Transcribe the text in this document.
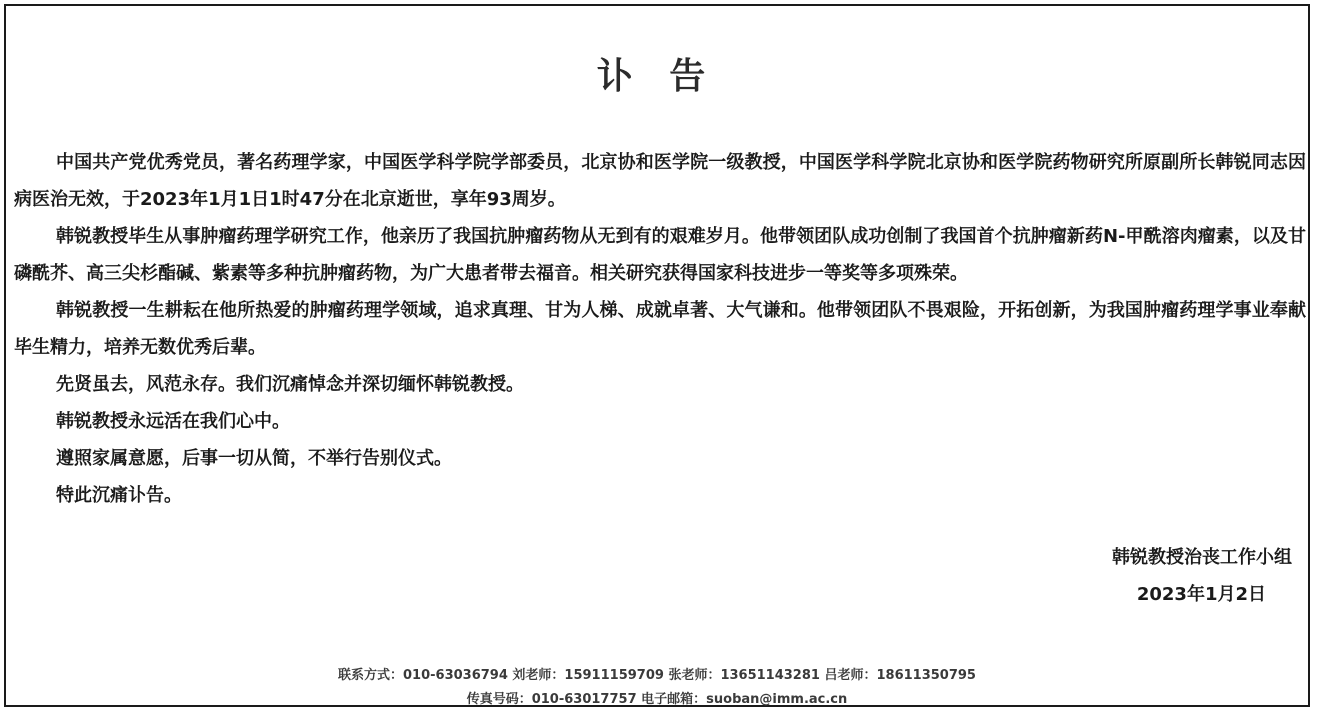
讣 告

中国共产党优秀党员，著名药理学家，中国医学科学院学部委员，北京协和医学院一级教授，中国医学科学院北京协和医学院药物研究所原副所长韩锐同志因病医治无效，于2023年1月1日1时47分在北京逝世，享年93周岁。

韩锐教授毕生从事肿瘤药理学研究工作，他亲历了我国抗肿瘤药物从无到有的艰难岁月。他带领团队成功创制了我国首个抗肿瘤新药N-甲酰溶肉瘤素，以及甘磷酰芥、高三尖杉酯碱、紫素等多种抗肿瘤药物，为广大患者带去福音。相关研究获得国家科技进步一等奖等多项殊荣。

韩锐教授一生耕耘在他所热爱的肿瘤药理学领域，追求真理、甘为人梯、成就卓著、大气谦和。他带领团队不畏艰险，开拓创新，为我国肿瘤药理学事业奉献毕生精力，培养无数优秀后辈。

先贤虽去，风范永存。我们沉痛悼念并深切缅怀韩锐教授。

韩锐教授永远活在我们心中。

遵照家属意愿，后事一切从简，不举行告别仪式。

特此沉痛讣告。

韩锐教授治丧工作小组
2023年1月2日
联系方式：010-63036794 刘老师：15911159709 张老师：13651143281 吕老师：18611350795
传真号码：010-63017757 电子邮箱：suoban@imm.ac.cn
